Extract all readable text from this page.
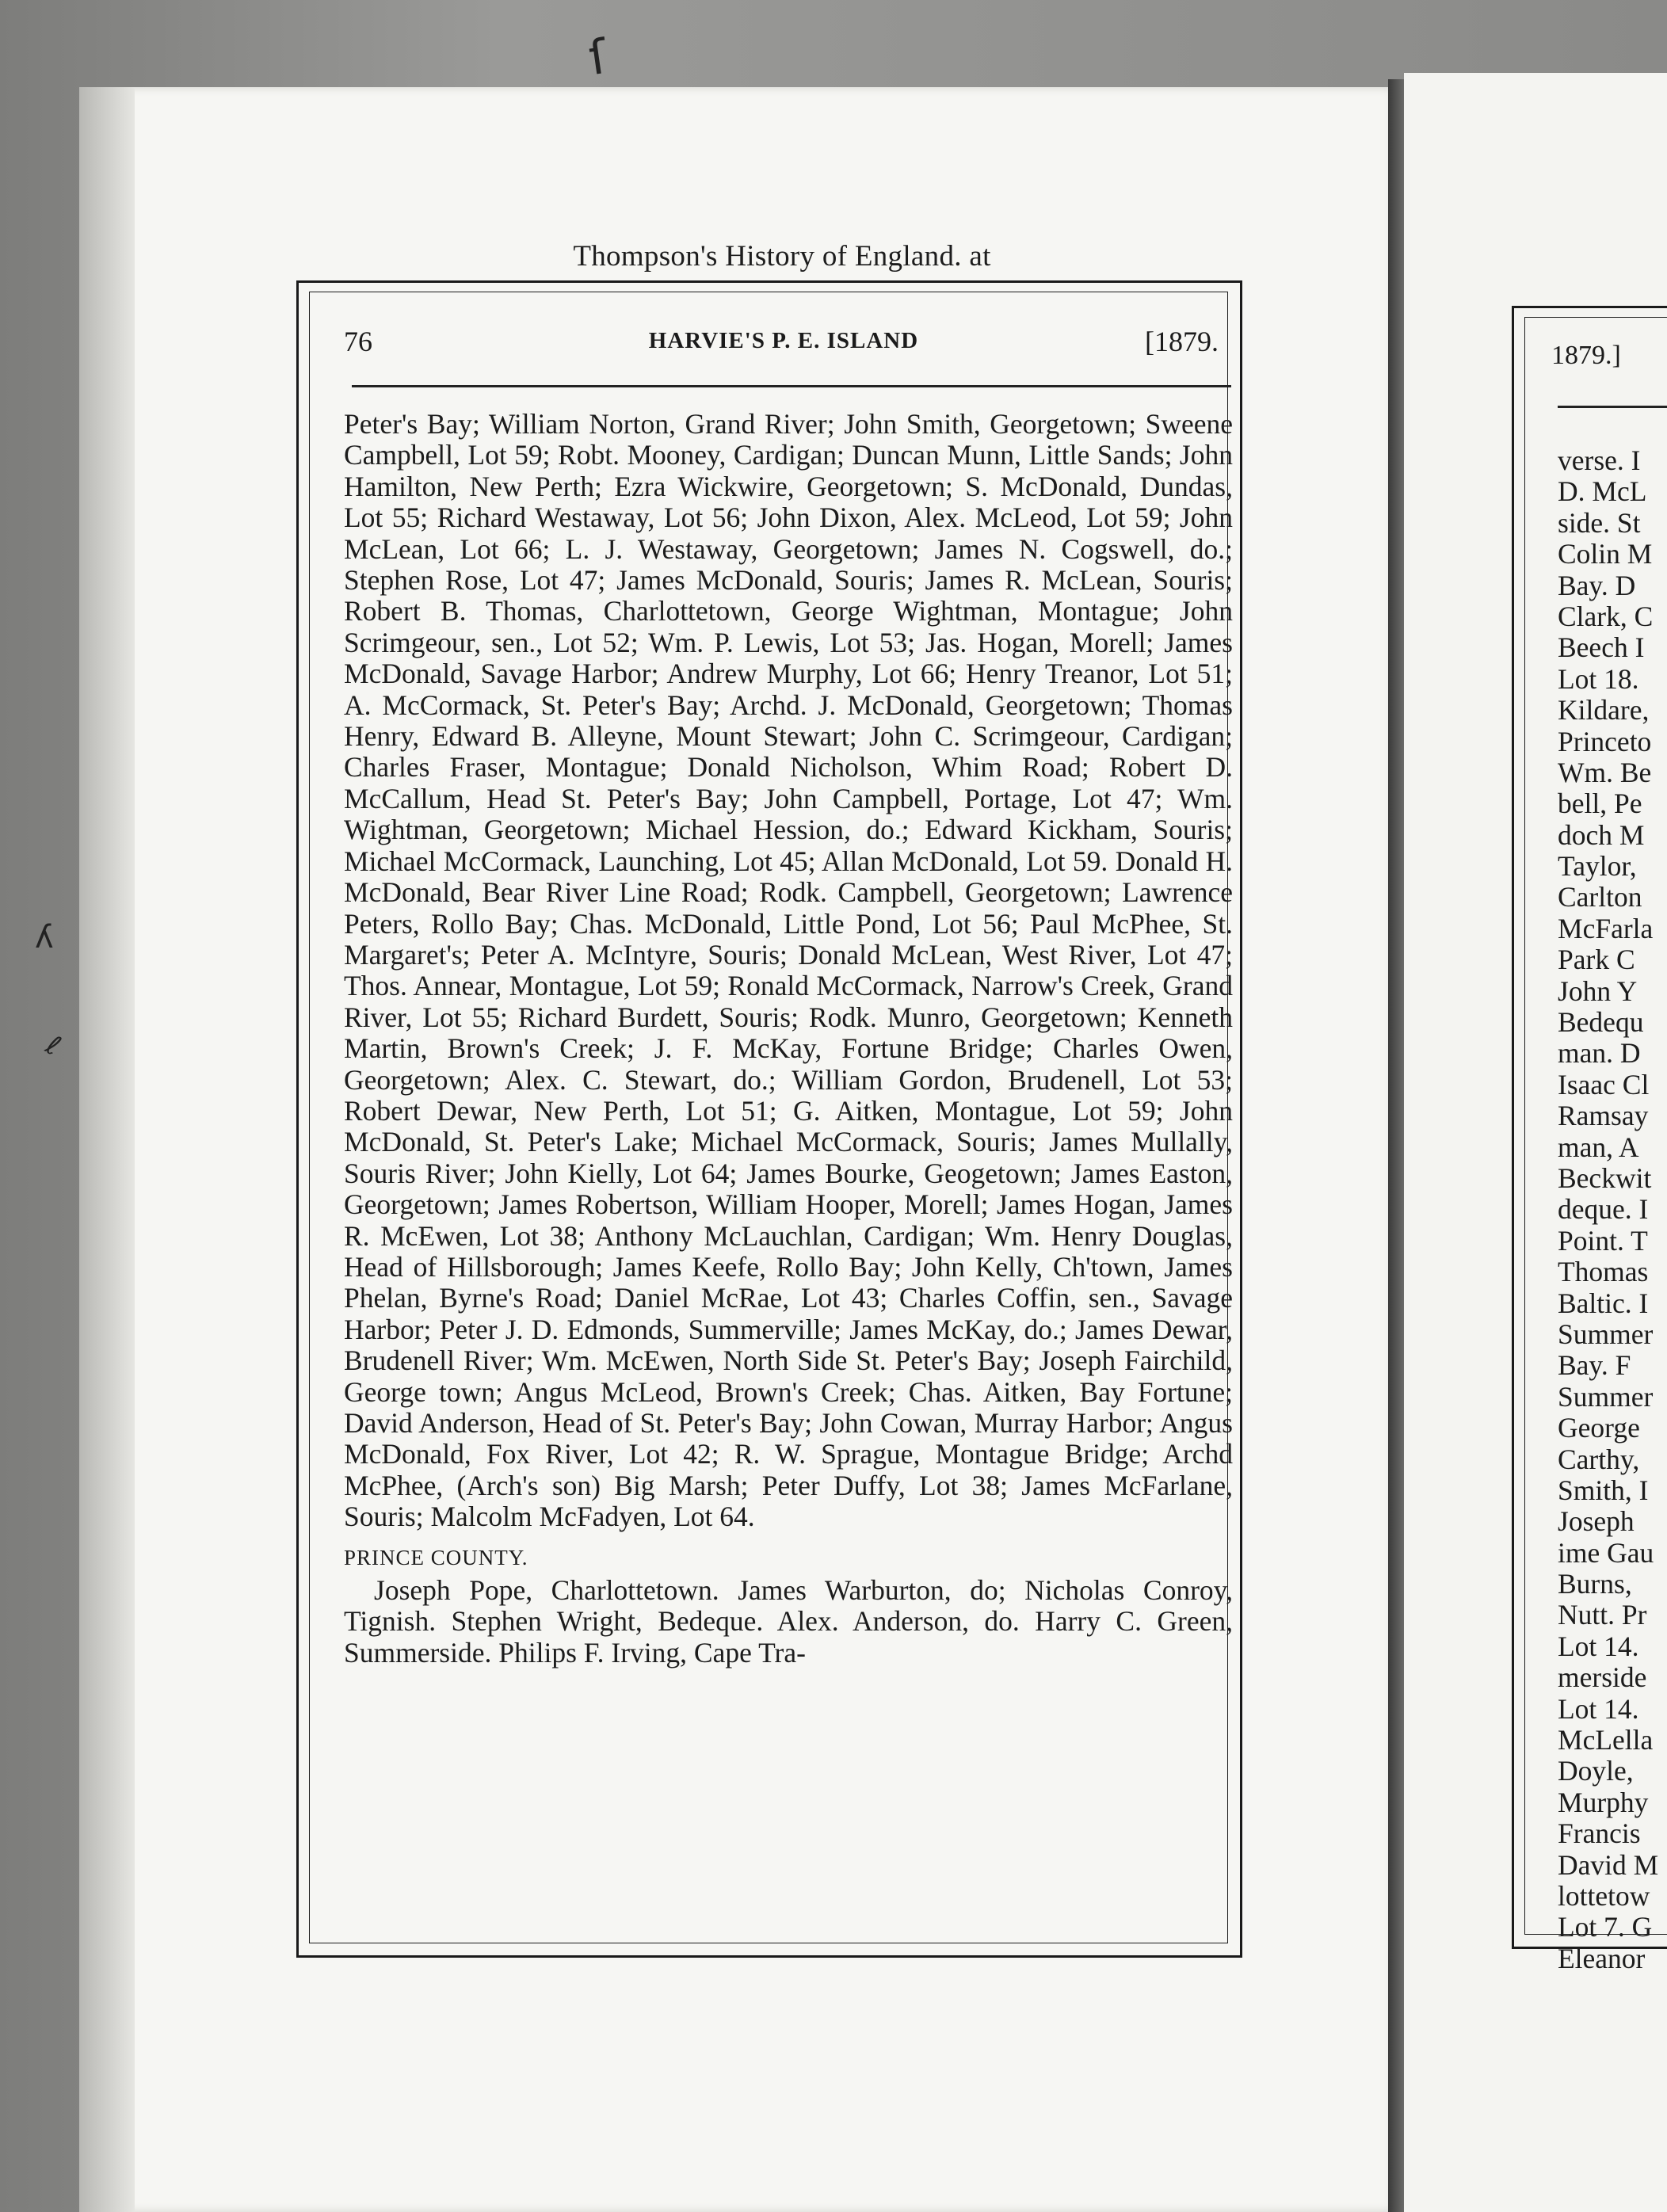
ſ
ʎ
ℓ
Thompson's History of England. at
76	HARVIE'S P. E. ISLAND	[1879.

Peter's Bay; William Norton, Grand River; John Smith, Georgetown; Sweene Campbell, Lot 59; Robt. Mooney, Cardigan; Duncan Munn, Little Sands; John Hamilton, New Perth; Ezra Wickwire, Georgetown; S. McDonald, Dundas, Lot 55; Richard Westaway, Lot 56; John Dixon, Alex. McLeod, Lot 59; John McLean, Lot 66; L. J. Westaway, Georgetown; James N. Cogswell, do.; Stephen Rose, Lot 47; James McDonald, Souris; James R. McLean, Souris; Robert B. Thomas, Charlottetown, George Wightman, Montague; John Scrimgeour, sen., Lot 52; Wm. P. Lewis, Lot 53; Jas. Hogan, Morell; James McDonald, Savage Harbor; Andrew Murphy, Lot 66; Henry Treanor, Lot 51; A. McCormack, St. Peter's Bay; Archd. J. McDonald, Georgetown; Thomas Henry, Edward B. Alleyne, Mount Stewart; John C. Scrimgeour, Cardigan; Charles Fraser, Montague; Donald Nicholson, Whim Road; Robert D. McCallum, Head St. Peter's Bay; John Campbell, Portage, Lot 47; Wm. Wightman, Georgetown; Michael Hession, do.; Edward Kickham, Souris; Michael McCormack, Launching, Lot 45; Allan McDonald, Lot 59. Donald H. McDonald, Bear River Line Road; Rodk. Campbell, Georgetown; Lawrence Peters, Rollo Bay; Chas. McDonald, Little Pond, Lot 56; Paul McPhee, St. Margaret's; Peter A. McIntyre, Souris; Donald McLean, West River, Lot 47; Thos. Annear, Montague, Lot 59; Ronald McCormack, Narrow's Creek, Grand River, Lot 55; Richard Burdett, Souris; Rodk. Munro, Georgetown; Kenneth Martin, Brown's Creek; J. F. McKay, Fortune Bridge; Charles Owen, Georgetown; Alex. C. Stewart, do.; William Gordon, Brudenell, Lot 53; Robert Dewar, New Perth, Lot 51; G. Aitken, Montague, Lot 59; John McDonald, St. Peter's Lake; Michael McCormack, Souris; James Mullally, Souris River; John Kielly, Lot 64; James Bourke, Geogetown; James Easton, Georgetown; James Robertson, William Hooper, Morell; James Hogan, James R. McEwen, Lot 38; Anthony McLauchlan, Cardigan; Wm. Henry Douglas, Head of Hillsborough; James Keefe, Rollo Bay; John Kelly, Ch'town, James Phelan, Byrne's Road; Daniel McRae, Lot 43; Charles Coffin, sen., Savage Harbor; Peter J. D. Edmonds, Summerville; James McKay, do.; James Dewar, Brudenell River; Wm. McEwen, North Side St. Peter's Bay; Joseph Fairchild, George town; Angus McLeod, Brown's Creek; Chas. Aitken, Bay Fortune; David Anderson, Head of St. Peter's Bay; John Cowan, Murray Harbor; Angus McDonald, Fox River, Lot 42; R. W. Sprague, Montague Bridge; Archd McPhee, (Arch's son) Big Marsh; Peter Duffy, Lot 38; James McFarlane, Souris; Malcolm McFadyen, Lot 64.

PRINCE COUNTY.

Joseph Pope, Charlottetown. James Warburton, do; Nicholas Conroy, Tignish. Stephen Wright, Bedeque. Alex. Anderson, do. Harry C. Green, Summerside. Philips F. Irving, Cape Tra-

1879.]
verse. I
D. McL
side. St
Colin M
Bay. D
Clark, C
Beech I
Lot 18.
Kildare,
Princeto
Wm. Be
bell, Pe
doch M
Taylor,
Carlton
McFarla
Park C
John Y
Bedequ
man. D
Isaac Cl
Ramsay
man, A
Beckwit
deque. I
Point. T
Thomas
Baltic. I
Summer
Bay. F
Summer
George
Carthy,
Smith, I
Joseph
ime Gau
Burns,
Nutt. Pr
Lot 14.
merside
Lot 14.
McLella
Doyle,
Murphy
Francis
David M
lottetow
Lot 7. G
Eleanor
